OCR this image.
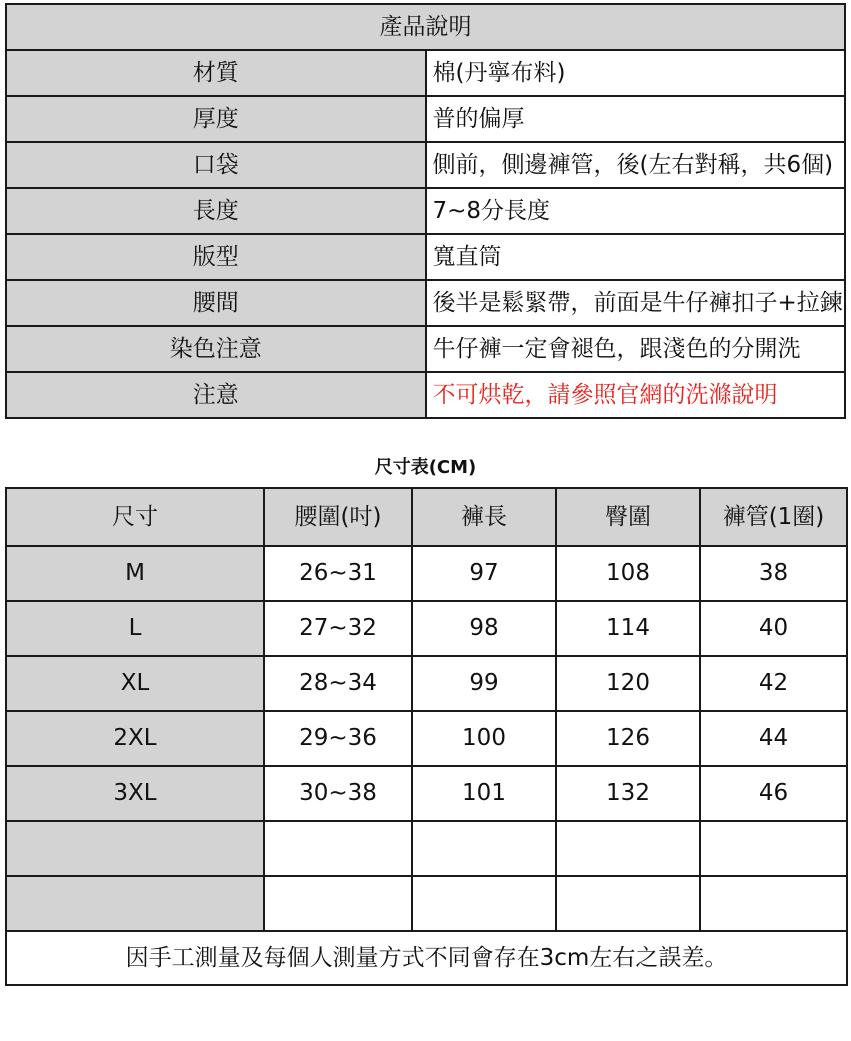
產品說明	
材質	棉(丹寧布料)
厚度	普的偏厚
口袋	側前，側邊褲管，後(左右對稱，共6個)
長度	7~8分長度
版型	寬直筒
腰間	後半是鬆緊帶，前面是牛仔褲扣子+拉鍊
染色注意	牛仔褲一定會褪色，跟淺色的分開洗
注意	不可烘乾，請參照官網的洗滌說明
尺寸表(CM)
尺寸	腰圍(吋)	褲長	臀圍	褲管(1圈)
M	26~31	97	108	38
L	27~32	98	114	40
XL	28~34	99	120	42
2XL	29~36	100	126	44
3XL	30~38	101	132	46

因手工測量及每個人測量方式不同會存在3cm左右之誤差。				
